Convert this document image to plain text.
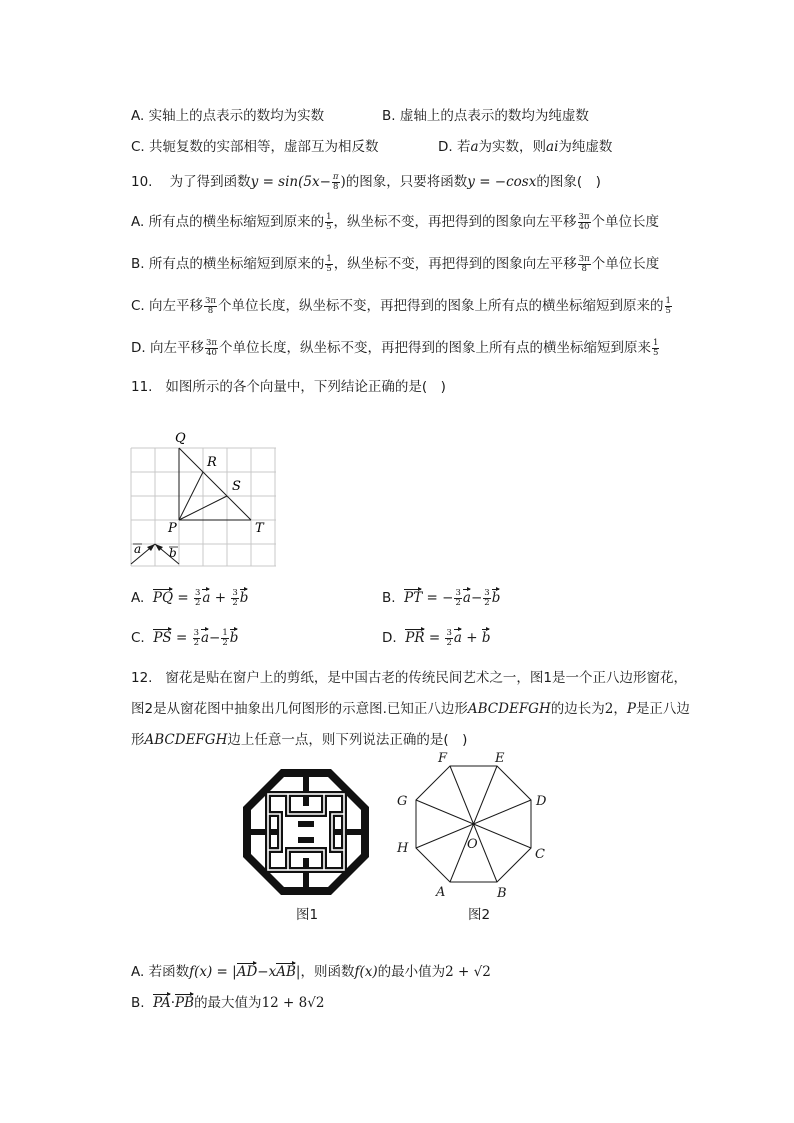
A. 实轴上的点表示的数均为实数	B. 虚轴上的点表示的数均为纯虚数
C. 共轭复数的实部相等，虚部互为相反数	D. 若a为实数，则ai为纯虚数
10. 为了得到函数$y = \sin(5x- \frac{\pi}{8}$ )的图象，只要将函数y = −cosx的图象(　)
A. 所有点的横坐标缩短到原来的 $\frac{1}{5}$ ，纵坐标不变，再把得到的图象向左平移 $\frac{3\pi}{40}$ 个单位长度
B. 所有点的横坐标缩短到原来的 $\frac{1}{5}$ ，纵坐标不变，再把得到的图象向左平移 $\frac{3\pi}{8}$ 个单位长度
C. 向左平移 $\frac{3\pi}{8}$ 个单位长度，纵坐标不变，再把得到的图象上所有点的横坐标缩短到原来的 $\frac{1}{5}$
D. 向左平移 $\frac{3\pi}{40}$ 个单位长度，纵坐标不变，再把得到的图象上所有点的横坐标缩短到原来 $\frac{1}{5}$
11. 如图所示的各个向量中，下列结论正确的是(　)
Q
R
S
P	T
a b
A. PQ = $\frac{3}{2}$ $a + \frac{3}{2}$ b	B. PT = − $\frac{3}{2} a- \frac{3}{2}$ b
C. PS = $\frac{3}{2} a- \frac{1}{2}$ b	D. PR = $\frac{3}{2}$ a + b
12. 窗花是贴在窗户上的剪纸，是中国古老的传统民间艺术之一，图1是一个正八边形窗花，
图2是从窗花图中抽象出几何图形的示意图.已知正八边形ABCDEFGH的边长为2，P是正八边
形ABCDEFGH边上任意一点，则下列说法正确的是(　)
图1
A	B
C
D
E
F
G
H	O
图2
A. 若函数f(x) = |AD−xAB|，则函数f(x)的最小值为2 + √2
B. PA·PB的最大值为12 + 8√2
